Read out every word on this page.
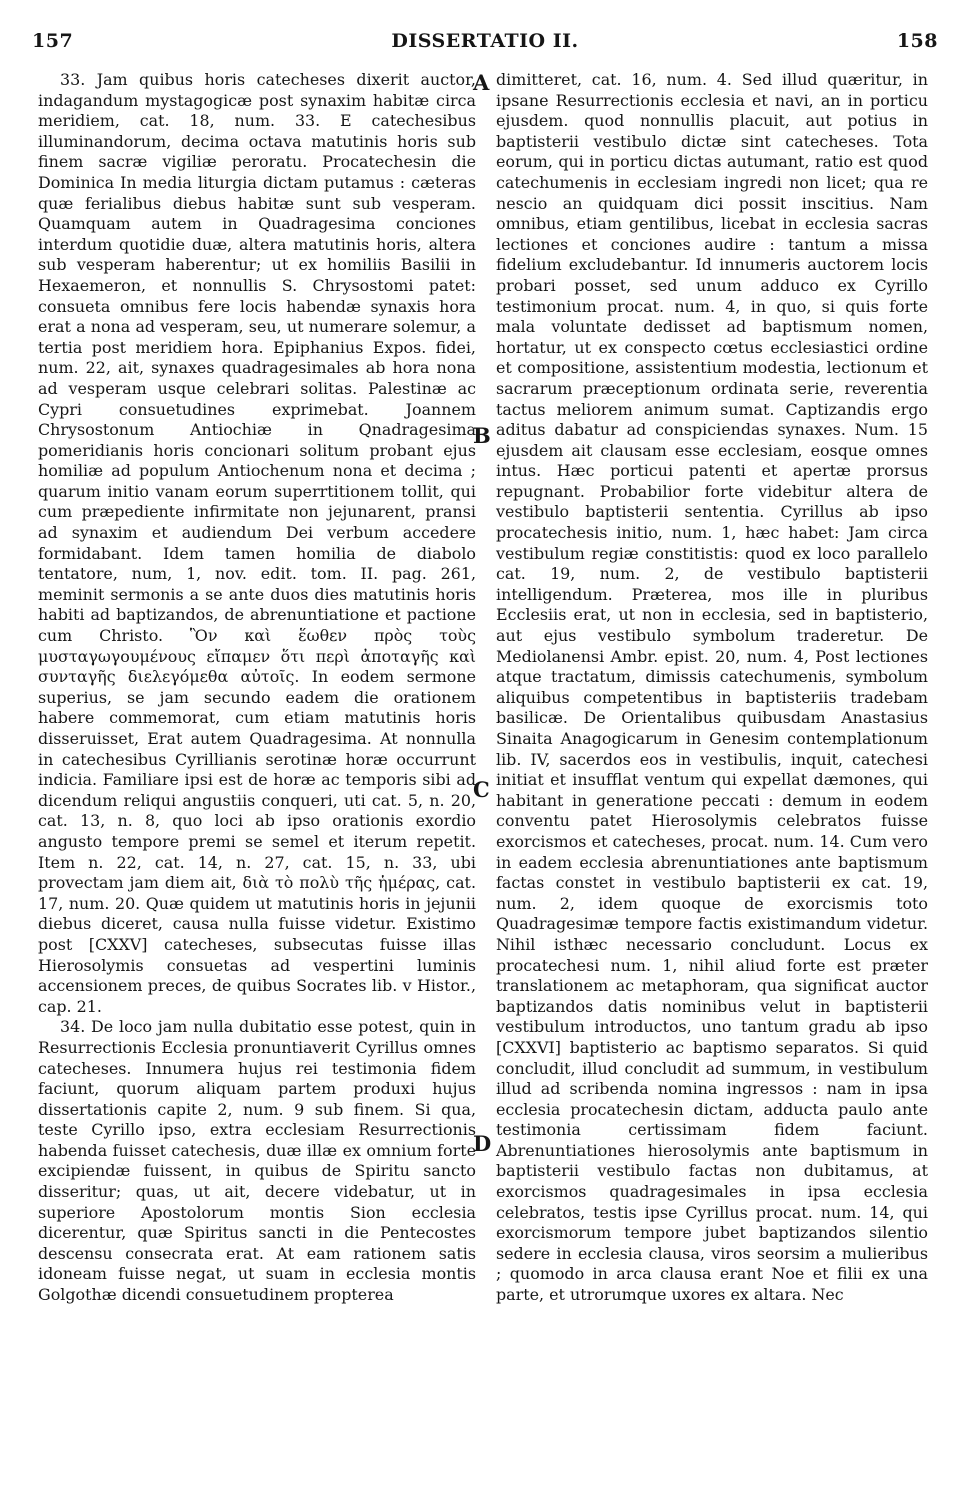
157	DISSERTATIO II.	158

33. Jam quibus horis catecheses dixerit auctor, indagandum mystagogicæ post synaxim habitæ circa meridiem, cat. 18, num. 33. E catechesibus illuminandorum, decima octava matutinis horis sub finem sacræ vigiliæ peroratu. Procatechesin die Dominica In media liturgia dictam putamus : cæteras quæ ferialibus diebus habitæ sunt sub vesperam. Quamquam autem in Quadragesima conciones interdum quotidie duæ, altera matutinis horis, altera sub vesperam haberentur; ut ex homiliis Basilii in Hexaemeron, et nonnullis S. Chrysostomi patet: consueta omnibus fere locis habendæ synaxis hora erat a nona ad vesperam, seu, ut numerare solemur, a tertia post meridiem hora. Epiphanius Expos. fidei, num. 22, ait, synaxes quadragesimales ab hora nona ad vesperam usque celebrari solitas. Palestinæ ac Cypri consuetudines exprimebat. Joannem Chrysostonum Antiochiæ in Qnadragesima pomeridianis horis concionari solitum probant ejus homiliæ ad populum Antiochenum nona et decima ; quarum initio vanam eorum superrtitionem tollit, qui cum præpediente infirmitate non jejunarent, pransi ad synaxim et audiendum Dei verbum accedere formidabant. Idem tamen homilia de diabolo tentatore, num, 1, nov. edit. tom. II. pag. 261, meminit sermonis a se ante duos dies matutinis horis habiti ad baptizandos, de abrenuntiatione et pactione cum Christo. Ὃν καὶ ἕωθεν πρὸς τοὺς μυσταγωγουμένους εἴπαμεν ὅτι περὶ ἀποταγῆς καὶ συνταγῆς διελεγόμεθα αὐτοῖς. In eodem sermone superius, se jam secundo eadem die orationem habere commemorat, cum etiam matutinis horis disseruisset, Erat autem Quadragesima. At nonnulla in catechesibus Cyrillianis serotinæ horæ occurrunt indicia. Familiare ipsi est de horæ ac temporis sibi ad dicendum reliqui angustiis conqueri, uti cat. 5, n. 20, cat. 13, n. 8, quo loci ab ipso orationis exordio angusto tempore premi se semel et iterum repetit. Item n. 22, cat. 14, n. 27, cat. 15, n. 33, ubi provectam jam diem ait, διὰ τὸ πολὺ τῆς ἡμέρας, cat. 17, num. 20. Quæ quidem ut matutinis horis in jejunii diebus diceret, causa nulla fuisse videtur. Existimo post [CXXV] catecheses, subsecutas fuisse illas Hierosolymis consuetas ad vespertini luminis accensionem preces, de quibus Socrates lib. v Histor., cap. 21.

34. De loco jam nulla dubitatio esse potest, quin in Resurrectionis Ecclesia pronuntiaverit Cyrillus omnes catecheses. Innumera hujus rei testimonia fidem faciunt, quorum aliquam partem produxi hujus dissertationis capite 2, num. 9 sub finem. Si qua, teste Cyrillo ipso, extra ecclesiam Resurrectionis habenda fuisset catechesis, duæ illæ ex omnium forte excipiendæ fuissent, in quibus de Spiritu sancto disseritur; quas, ut ait, decere videbatur, ut in superiore Apostolorum montis Sion ecclesia dicerentur, quæ Spiritus sancti in die Pentecostes descensu consecrata erat. At eam rationem satis idoneam fuisse negat, ut suam in ecclesia montis Golgothæ dicendi consuetudinem propterea

A
B
C
D

dimitteret, cat. 16, num. 4. Sed illud quæritur, in ipsane Resurrectionis ecclesia et navi, an in porticu ejusdem. quod nonnullis placuit, aut potius in baptisterii vestibulo dictæ sint catecheses. Tota eorum, qui in porticu dictas autumant, ratio est quod catechumenis in ecclesiam ingredi non licet; qua re nescio an quidquam dici possit inscitius. Nam omnibus, etiam gentilibus, licebat in ecclesia sacras lectiones et conciones audire : tantum a missa fidelium excludebantur. Id innumeris auctorem locis probari posset, sed unum adduco ex Cyrillo testimonium procat. num. 4, in quo, si quis forte mala voluntate dedisset ad baptismum nomen, hortatur, ut ex conspecto cœtus ecclesiastici ordine et compositione, assistentium modestia, lectionum et sacrarum præceptionum ordinata serie, reverentia tactus meliorem animum sumat. Captizandis ergo aditus dabatur ad conspiciendas synaxes. Num. 15 ejusdem ait clausam esse ecclesiam, eosque omnes intus. Hæc porticui patenti et apertæ prorsus repugnant. Probabilior forte videbitur altera de vestibulo baptisterii sententia. Cyrillus ab ipso procatechesis initio, num. 1, hæc habet: Jam circa vestibulum regiæ constitistis: quod ex loco parallelo cat. 19, num. 2, de vestibulo baptisterii intelligendum. Præterea, mos ille in pluribus Ecclesiis erat, ut non in ecclesia, sed in baptisterio, aut ejus vestibulo symbolum traderetur. De Mediolanensi Ambr. epist. 20, num. 4, Post lectiones atque tractatum, dimissis catechumenis, symbolum aliquibus competentibus in baptisteriis tradebam basilicæ. De Orientalibus quibusdam Anastasius Sinaita Anagogicarum in Genesim contemplationum lib. IV, sacerdos eos in vestibulis, inquit, catechesi initiat et insufflat ventum qui expellat dæmones, qui habitant in generatione peccati : demum in eodem conventu patet Hierosolymis celebratos fuisse exorcismos et catecheses, procat. num. 14. Cum vero in eadem ecclesia abrenuntiationes ante baptismum factas constet in vestibulo baptisterii ex cat. 19, num. 2, idem quoque de exorcismis toto Quadragesimæ tempore factis existimandum videtur. Nihil isthæc necessario concludunt. Locus ex procatechesi num. 1, nihil aliud forte est præter translationem ac metaphoram, qua significat auctor baptizandos datis nominibus velut in baptisterii vestibulum introductos, uno tantum gradu ab ipso [CXXVI] baptisterio ac baptismo separatos. Si quid concludit, illud concludit ad summum, in vestibulum illud ad scribenda nomina ingressos : nam in ipsa ecclesia procatechesin dictam, adducta paulo ante testimonia certissimam fidem faciunt. Abrenuntiationes hierosolymis ante baptismum in baptisterii vestibulo factas non dubitamus, at exorcismos quadragesimales in ipsa ecclesia celebratos, testis ipse Cyrillus procat. num. 14, qui exorcismorum tempore jubet baptizandos silentio sedere in ecclesia clausa, viros seorsim a mulieribus ; quomodo in arca clausa erant Noe et filii ex una parte, et utrorumque uxores ex altara. Nec
